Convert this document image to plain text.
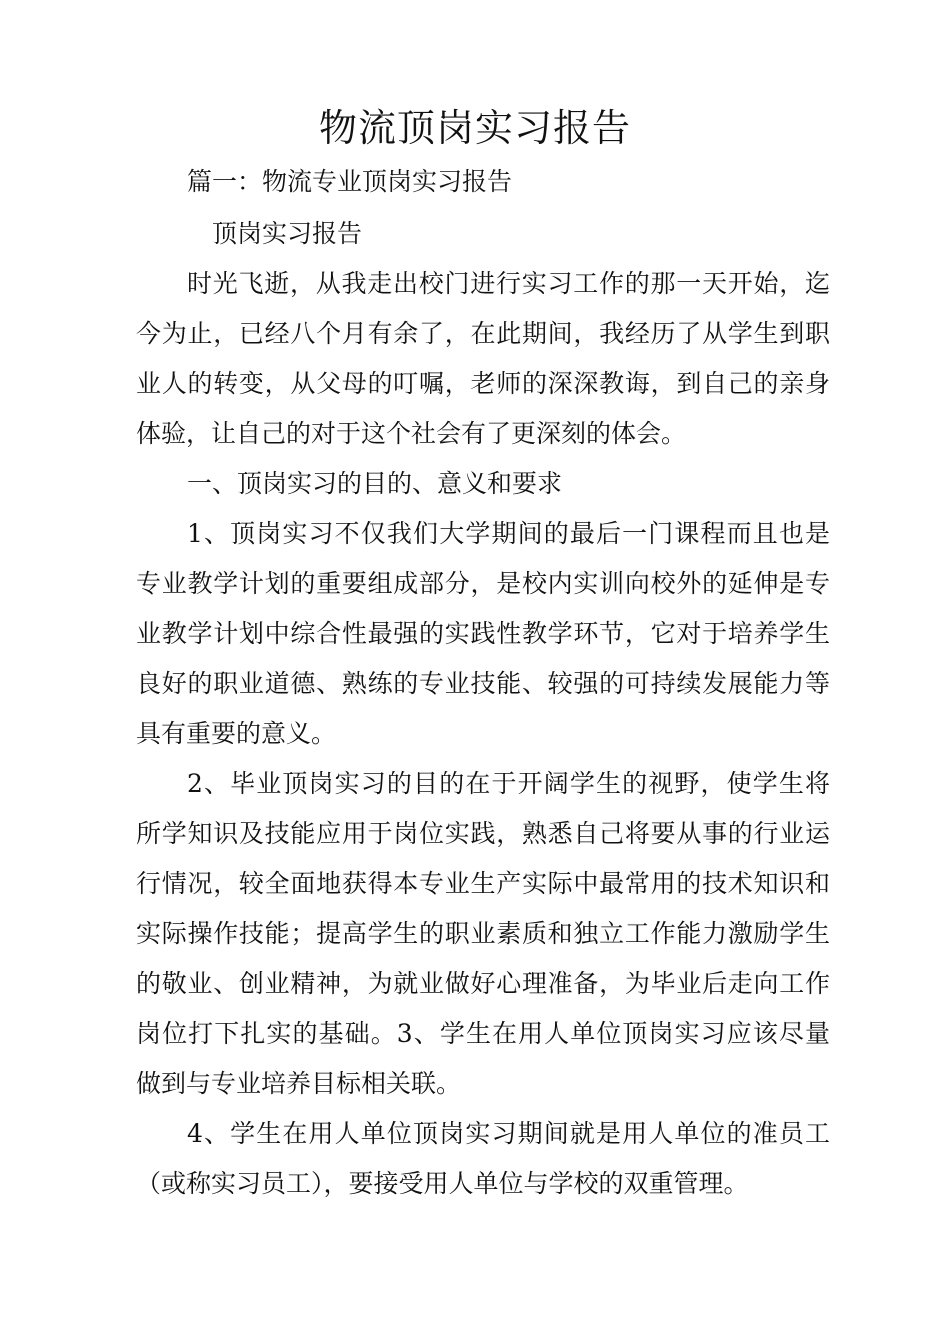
物流顶岗实习报告
篇一：物流专业顶岗实习报告
顶岗实习报告
时光飞逝，从我走出校门进行实习工作的那一天开始，迄
今为止，已经八个月有余了，在此期间，我经历了从学生到职
业人的转变，从父母的叮嘱，老师的深深教诲，到自己的亲身
体验，让自己的对于这个社会有了更深刻的体会。
一、顶岗实习的目的、意义和要求
1、顶岗实习不仅我们大学期间的最后一门课程而且也是
专业教学计划的重要组成部分，是校内实训向校外的延伸是专
业教学计划中综合性最强的实践性教学环节，它对于培养学生
良好的职业道德、熟练的专业技能、较强的可持续发展能力等
具有重要的意义。
2、毕业顶岗实习的目的在于开阔学生的视野，使学生将
所学知识及技能应用于岗位实践，熟悉自己将要从事的行业运
行情况，较全面地获得本专业生产实际中最常用的技术知识和
实际操作技能；提高学生的职业素质和独立工作能力激励学生
的敬业、创业精神，为就业做好心理准备，为毕业后走向工作
岗位打下扎实的基础。3、学生在用人单位顶岗实习应该尽量
做到与专业培养目标相关联。
4、学生在用人单位顶岗实习期间就是用人单位的准员工
（或称实习员工），要接受用人单位与学校的双重管理。
